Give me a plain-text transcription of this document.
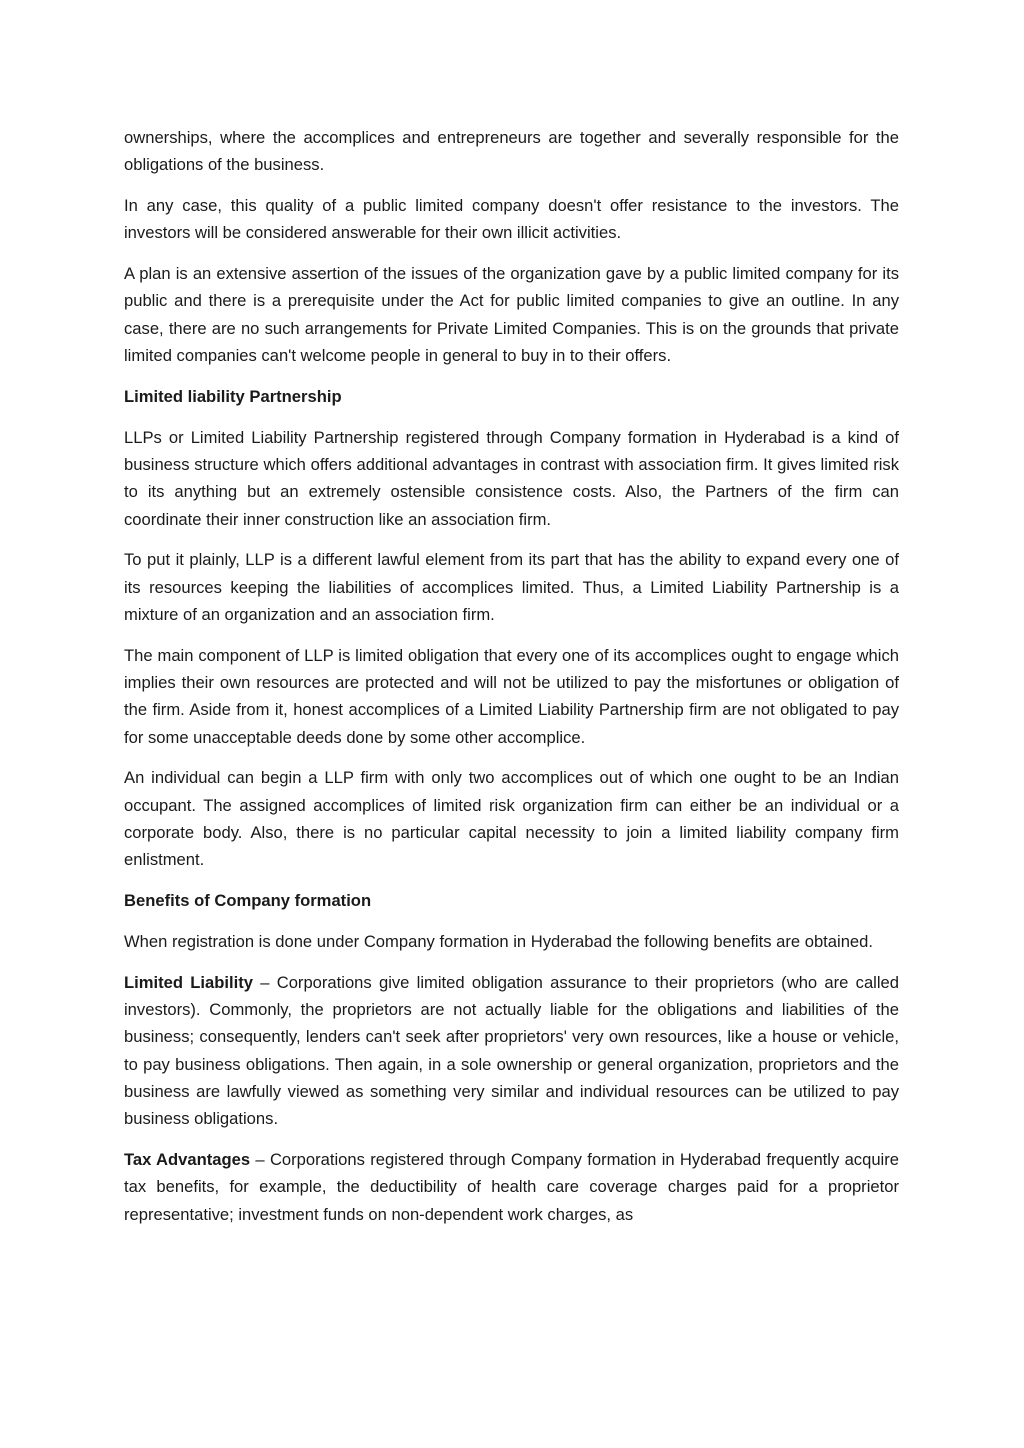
ownerships, where the accomplices and entrepreneurs are together and severally responsible for the obligations of the business.

In any case, this quality of a public limited company doesn't offer resistance to the investors. The investors will be considered answerable for their own illicit activities.

A plan is an extensive assertion of the issues of the organization gave by a public limited company for its public and there is a prerequisite under the Act for public limited companies to give an outline. In any case, there are no such arrangements for Private Limited Companies. This is on the grounds that private limited companies can't welcome people in general to buy in to their offers.

Limited liability Partnership

LLPs or Limited Liability Partnership registered through Company formation in Hyderabad is a kind of business structure which offers additional advantages in contrast with association firm. It gives limited risk to its anything but an extremely ostensible consistence costs. Also, the Partners of the firm can coordinate their inner construction like an association firm.

To put it plainly, LLP is a different lawful element from its part that has the ability to expand every one of its resources keeping the liabilities of accomplices limited. Thus, a Limited Liability Partnership is a mixture of an organization and an association firm.

The main component of LLP is limited obligation that every one of its accomplices ought to engage which implies their own resources are protected and will not be utilized to pay the misfortunes or obligation of the firm. Aside from it, honest accomplices of a Limited Liability Partnership firm are not obligated to pay for some unacceptable deeds done by some other accomplice.

An individual can begin a LLP firm with only two accomplices out of which one ought to be an Indian occupant. The assigned accomplices of limited risk organization firm can either be an individual or a corporate body. Also, there is no particular capital necessity to join a limited liability company firm enlistment.

Benefits of Company formation

When registration is done under Company formation in Hyderabad the following benefits are obtained.

Limited Liability – Corporations give limited obligation assurance to their proprietors (who are called investors). Commonly, the proprietors are not actually liable for the obligations and liabilities of the business; consequently, lenders can't seek after proprietors' very own resources, like a house or vehicle, to pay business obligations. Then again, in a sole ownership or general organization, proprietors and the business are lawfully viewed as something very similar and individual resources can be utilized to pay business obligations.

Tax Advantages – Corporations registered through Company formation in Hyderabad frequently acquire tax benefits, for example, the deductibility of health care coverage charges paid for a proprietor representative; investment funds on non-dependent work charges, as
